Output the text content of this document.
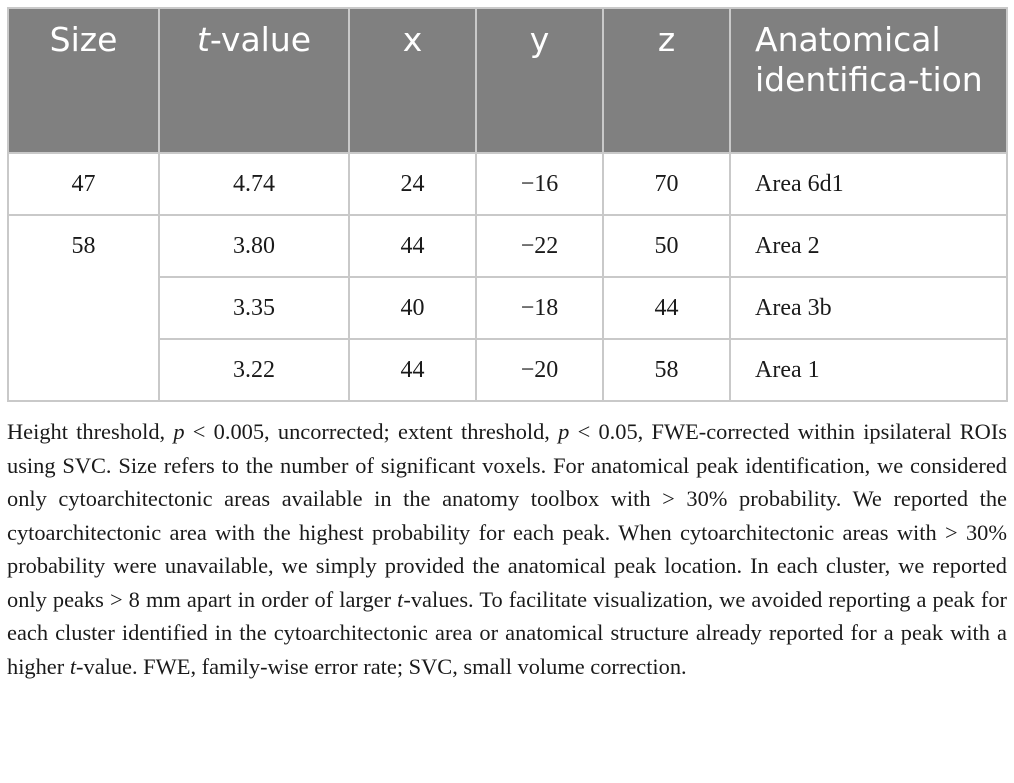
Size	t-value	x	y	z	Anatomical identifica-tion
47	4.74	24	−16	70	Area 6d1
58	3.80	44	−22	50	Area 2
	3.35	40	−18	44	Area 3b
	3.22	44	−20	58	Area 1

Height threshold, p < 0.005, uncorrected; extent threshold, p < 0.05, FWE-corrected within ipsilateral ROIs using SVC. Size refers to the number of significant voxels. For anatomical peak identification, we considered only cytoarchitectonic areas available in the anatomy toolbox with > 30% probability. We reported the cytoarchitectonic area with the highest probability for each peak. When cytoarchitectonic areas with > 30% probability were unavailable, we simply provided the anatomical peak location. In each cluster, we reported only peaks > 8 mm apart in order of larger t-values. To facilitate visualization, we avoided reporting a peak for each cluster identified in the cytoarchitectonic area or anatomical structure already reported for a peak with a higher t-value. FWE, family-wise error rate; SVC, small volume correction.
